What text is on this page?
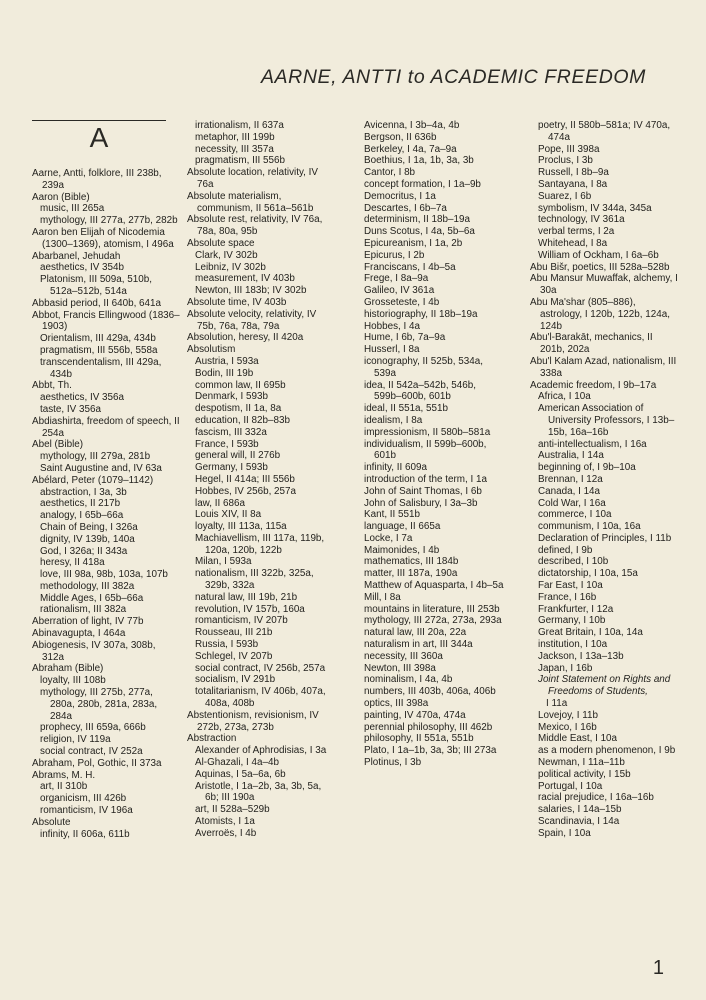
AARNE, ANTTI to ACADEMIC FREEDOM
A
Aarne, Antti, folklore, III 238b, 239a
Aaron (Bible)
music, III 265a
mythology, III 277a, 277b, 282b
Aaron ben Elijah of Nicodemia (1300–1369), atomism, I 496a
Abarbanel, Jehudah
aesthetics, IV 354b
Platonism, III 509a, 510b, 512a–512b, 514a
Abbasid period, II 640b, 641a
Abbot, Francis Ellingwood (1836–1903)
Orientalism, III 429a, 434b
pragmatism, III 556b, 558a
transcendentalism, III 429a, 434b
Abbt, Th.
aesthetics, IV 356a
taste, IV 356a
Abdiashirta, freedom of speech, II 254a
Abel (Bible)
mythology, III 279a, 281b
Saint Augustine and, IV 63a
Abélard, Peter (1079–1142)
abstraction, I 3a, 3b
aesthetics, II 217b
analogy, I 65b–66a
Chain of Being, I 326a
dignity, IV 139b, 140a
God, I 326a; II 343a
heresy, II 418a
love, III 98a, 98b, 103a, 107b
methodology, III 382a
Middle Ages, I 65b–66a
rationalism, III 382a
Aberration of light, IV 77b
Abinavagupta, I 464a
Abiogenesis, IV 307a, 308b, 312a
Abraham (Bible)
loyalty, III 108b
mythology, III 275b, 277a, 280a, 280b, 281a, 283a, 284a
prophecy, III 659a, 666b
religion, IV 119a
social contract, IV 252a
Abraham, Pol, Gothic, II 373a
Abrams, M. H.
art, II 310b
organicism, III 426b
romanticism, IV 196a
Absolute
infinity, II 606a, 611b
irrationalism, II 637a
metaphor, III 199b
necessity, III 357a
pragmatism, III 556b
Absolute location, relativity, IV 76a
Absolute materialism, communism, II 561a–561b
Absolute rest, relativity, IV 76a, 78a, 80a, 95b
Absolute space
Clark, IV 302b
Leibniz, IV 302b
measurement, IV 403b
Newton, III 183b; IV 302b
Absolute time, IV 403b
Absolute velocity, relativity, IV 75b, 76a, 78a, 79a
Absolution, heresy, II 420a
Absolutism
Austria, I 593a
Bodin, III 19b
common law, II 695b
Denmark, I 593b
despotism, II 1a, 8a
education, II 82b–83b
fascism, III 332a
France, I 593b
general will, II 276b
Germany, I 593b
Hegel, II 414a; III 556b
Hobbes, IV 256b, 257a
law, II 686a
Louis XIV, II 8a
loyalty, III 113a, 115a
Machiavellism, III 117a, 119b, 120a, 120b, 122b
Milan, I 593a
nationalism, III 322b, 325a, 329b, 332a
natural law, III 19b, 21b
revolution, IV 157b, 160a
romanticism, IV 207b
Rousseau, III 21b
Russia, I 593b
Schlegel, IV 207b
social contract, IV 256b, 257a
socialism, IV 291b
totalitarianism, IV 406b, 407a, 408a, 408b
Abstentionism, revisionism, IV 272b, 273a, 273b
Abstraction
Alexander of Aphrodisias, I 3a
Al-Ghazali, I 4a–4b
Aquinas, I 5a–6a, 6b
Aristotle, I 1a–2b, 3a, 3b, 5a, 6b; III 190a
art, II 528a–529b
Atomists, I 1a
Averroës, I 4b
Avicenna, I 3b–4a, 4b
Bergson, II 636b
Berkeley, I 4a, 7a–9a
Boethius, I 1a, 1b, 3a, 3b
Cantor, I 8b
concept formation, I 1a–9b
Democritus, I 1a
Descartes, I 6b–7a
determinism, II 18b–19a
Duns Scotus, I 4a, 5b–6a
Epicureanism, I 1a, 2b
Epicurus, I 2b
Franciscans, I 4b–5a
Frege, I 8a–9a
Galileo, IV 361a
Grosseteste, I 4b
historiography, II 18b–19a
Hobbes, I 4a
Hume, I 6b, 7a–9a
Husserl, I 8a
iconography, II 525b, 534a, 539a
idea, II 542a–542b, 546b, 599b–600b, 601b
ideal, II 551a, 551b
idealism, I 8a
impressionism, II 580b–581a
individualism, II 599b–600b, 601b
infinity, II 609a
introduction of the term, I 1a
John of Saint Thomas, I 6b
John of Salisbury, I 3a–3b
Kant, II 551b
language, II 665a
Locke, I 7a
Maimonides, I 4b
mathematics, III 184b
matter, III 187a, 190a
Matthew of Aquasparta, I 4b–5a
Mill, I 8a
mountains in literature, III 253b
mythology, III 272a, 273a, 293a
natural law, III 20a, 22a
naturalism in art, III 344a
necessity, III 360a
Newton, III 398a
nominalism, I 4a, 4b
numbers, III 403b, 406a, 406b
optics, III 398a
painting, IV 470a, 474a
perennial philosophy, III 462b
philosophy, II 551a, 551b
Plato, I 1a–1b, 3a, 3b; III 273a
Plotinus, I 3b
poetry, II 580b–581a; IV 470a, 474a
Pope, III 398a
Proclus, I 3b
Russell, I 8b–9a
Santayana, I 8a
Suarez, I 6b
symbolism, IV 344a, 345a
technology, IV 361a
verbal terms, I 2a
Whitehead, I 8a
William of Ockham, I 6a–6b
Abu Bišr, poetics, III 528a–528b
Abu Mansur Muwaffak, alchemy, I 30a
Abu Ma'shar (805–886), astrology, I 120b, 122b, 124a, 124b
Abu'l-Barakāt, mechanics, II 201b, 202a
Abu'l Kalam Azad, nationalism, III 338a
Academic freedom, I 9b–17a
Africa, I 10a
American Association of University Professors, I 13b–15b, 16a–16b
anti-intellectualism, I 16a
Australia, I 14a
beginning of, I 9b–10a
Brennan, I 12a
Canada, I 14a
Cold War, I 16a
commerce, I 10a
communism, I 10a, 16a
Declaration of Principles, I 11b
defined, I 9b
described, I 10b
dictatorship, I 10a, 15a
Far East, I 10a
France, I 16b
Frankfurter, I 12a
Germany, I 10b
Great Britain, I 10a, 14a
institution, I 10a
Jackson, I 13a–13b
Japan, I 16b
Joint Statement on Rights and Freedoms of Students,
I 11a
Lovejoy, I 11b
Mexico, I 16b
Middle East, I 10a
as a modern phenomenon, I 9b
Newman, I 11a–11b
political activity, I 15b
Portugal, I 10a
racial prejudice, I 16a–16b
salaries, I 14a–15b
Scandinavia, I 14a
Spain, I 10a
1
